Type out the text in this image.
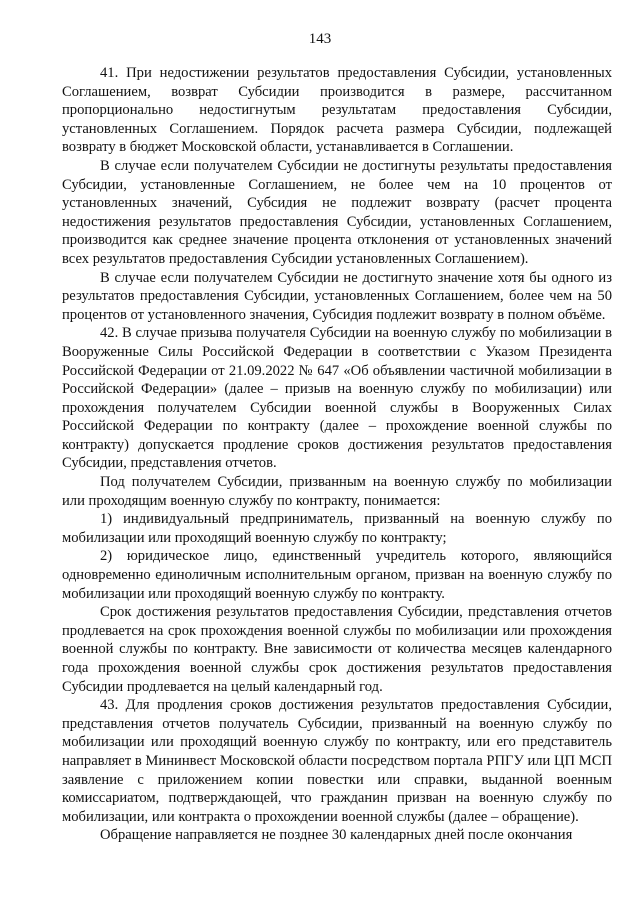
143

41. При недостижении результатов предоставления Субсидии, установленных Соглашением, возврат Субсидии производится в размере, рассчитанном пропорционально недостигнутым результатам предоставления Субсидии, установленных Соглашением. Порядок расчета размера Субсидии, подлежащей возврату в бюджет Московской области, устанавливается в Соглашении.

В случае если получателем Субсидии не достигнуты результаты предоставления Субсидии, установленные Соглашением, не более чем на 10 процентов от установленных значений, Субсидия не подлежит возврату (расчет процента недостижения результатов предоставления Субсидии, установленных Соглашением, производится как среднее значение процента отклонения от установленных значений всех результатов предоставления Субсидии установленных Соглашением).

В случае если получателем Субсидии не достигнуто значение хотя бы одного из результатов предоставления Субсидии, установленных Соглашением, более чем на 50 процентов от установленного значения, Субсидия подлежит возврату в полном объёме.

42. В случае призыва получателя Субсидии на военную службу по мобилизации в Вооруженные Силы Российской Федерации в соответствии с Указом Президента Российской Федерации от 21.09.2022 № 647 «Об объявлении частичной мобилизации в Российской Федерации» (далее – призыв на военную службу по мобилизации) или прохождения получателем Субсидии военной службы в Вооруженных Силах Российской Федерации по контракту (далее – прохождение военной службы по контракту) допускается продление сроков достижения результатов предоставления Субсидии, представления отчетов.

Под получателем Субсидии, призванным на военную службу по мобилизации или проходящим военную службу по контракту, понимается:

1) индивидуальный предприниматель, призванный на военную службу по мобилизации или проходящий военную службу по контракту;

2) юридическое лицо, единственный учредитель которого, являющийся одновременно единоличным исполнительным органом, призван на военную службу по мобилизации или проходящий военную службу по контракту.

Срок достижения результатов предоставления Субсидии, представления отчетов продлевается на срок прохождения военной службы по мобилизации или прохождения военной службы по контракту. Вне зависимости от количества месяцев календарного года прохождения военной службы срок достижения результатов предоставления Субсидии продлевается на целый календарный год.

43. Для продления сроков достижения результатов предоставления Субсидии, представления отчетов получатель Субсидии, призванный на военную службу по мобилизации или проходящий военную службу по контракту, или его представитель направляет в Мининвест Московской области посредством портала РПГУ или ЦП МСП заявление с приложением копии повестки или справки, выданной военным комиссариатом, подтверждающей, что гражданин призван на военную службу по мобилизации, или контракта о прохождении военной службы (далее – обращение).

Обращение направляется не позднее 30 календарных дней после окончания
